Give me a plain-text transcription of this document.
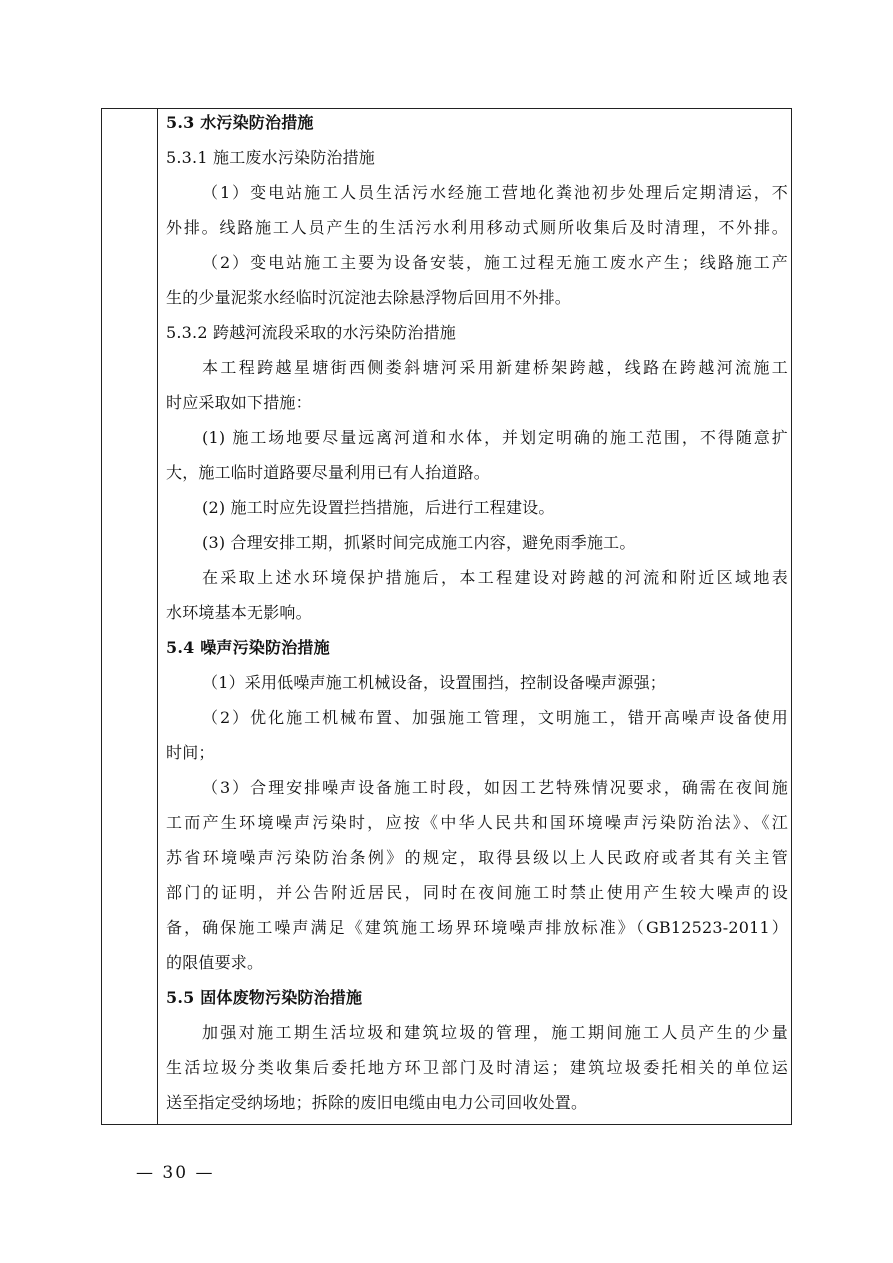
5.3 水污染防治措施
5.3.1 施工废水污染防治措施
（1）变电站施工人员生活污水经施工营地化粪池初步处理后定期清运，不
外排。线路施工人员产生的生活污水利用移动式厕所收集后及时清理，不外排。
（2）变电站施工主要为设备安装，施工过程无施工废水产生；线路施工产
生的少量泥浆水经临时沉淀池去除悬浮物后回用不外排。
5.3.2 跨越河流段采取的水污染防治措施
本工程跨越星塘街西侧娄斜塘河采用新建桥架跨越，线路在跨越河流施工
时应采取如下措施：
(1) 施工场地要尽量远离河道和水体，并划定明确的施工范围，不得随意扩
大，施工临时道路要尽量利用已有人抬道路。
(2) 施工时应先设置拦挡措施，后进行工程建设。
(3) 合理安排工期，抓紧时间完成施工内容，避免雨季施工。
在采取上述水环境保护措施后，本工程建设对跨越的河流和附近区域地表
水环境基本无影响。
5.4 噪声污染防治措施
（1）采用低噪声施工机械设备，设置围挡，控制设备噪声源强；
（2）优化施工机械布置、加强施工管理，文明施工，错开高噪声设备使用
时间；
（3）合理安排噪声设备施工时段，如因工艺特殊情况要求，确需在夜间施
工而产生环境噪声污染时，应按《中华人民共和国环境噪声污染防治法》、《江
苏省环境噪声污染防治条例》的规定，取得县级以上人民政府或者其有关主管
部门的证明，并公告附近居民，同时在夜间施工时禁止使用产生较大噪声的设
备，确保施工噪声满足《建筑施工场界环境噪声排放标准》（GB12523-2011）
的限值要求。
5.5 固体废物污染防治措施
加强对施工期生活垃圾和建筑垃圾的管理，施工期间施工人员产生的少量
生活垃圾分类收集后委托地方环卫部门及时清运；建筑垃圾委托相关的单位运
送至指定受纳场地；拆除的废旧电缆由电力公司回收处置。
— 30 —
